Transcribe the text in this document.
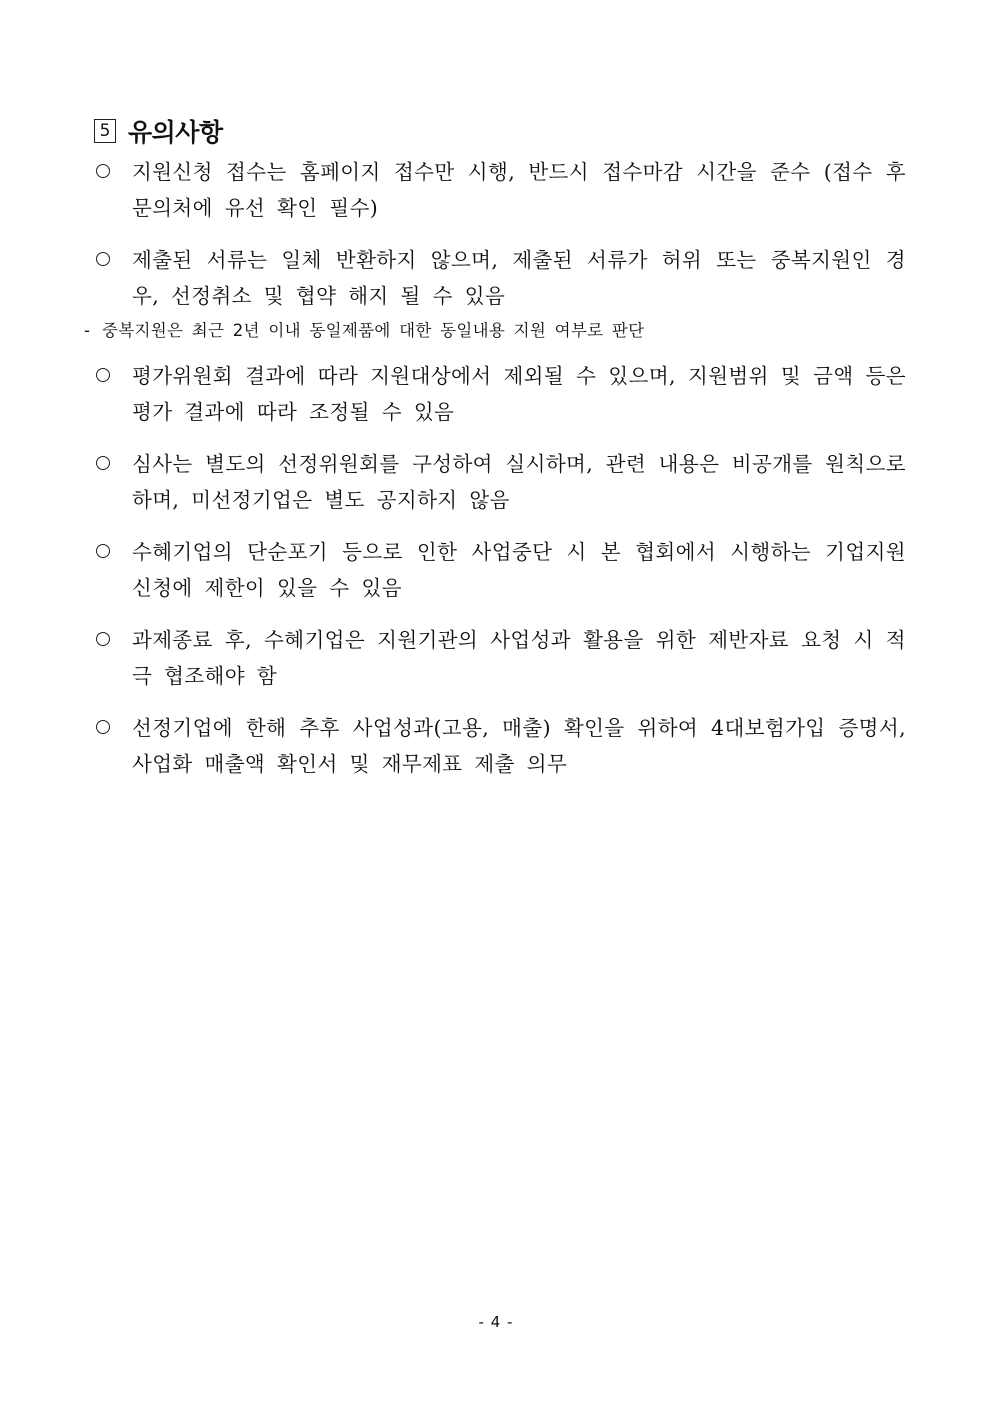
5 유의사항
지원신청 접수는 홈페이지 접수만 시행, 반드시 접수마감 시간을 준수 (접수 후 문의처에 유선 확인 필수)
제출된 서류는 일체 반환하지 않으며, 제출된 서류가 허위 또는 중복지원인 경우, 선정취소 및 협약 해지 될 수 있음
- 중복지원은 최근 2년 이내 동일제품에 대한 동일내용 지원 여부로 판단
평가위원회 결과에 따라 지원대상에서 제외될 수 있으며, 지원범위 및 금액 등은 평가 결과에 따라 조정될 수 있음
심사는 별도의 선정위원회를 구성하여 실시하며, 관련 내용은 비공개를 원칙으로 하며, 미선정기업은 별도 공지하지 않음
수혜기업의 단순포기 등으로 인한 사업중단 시 본 협회에서 시행하는 기업지원 신청에 제한이 있을 수 있음
과제종료 후, 수혜기업은 지원기관의 사업성과 활용을 위한 제반자료 요청 시 적극 협조해야 함
선정기업에 한해 추후 사업성과(고용, 매출) 확인을 위하여 4대보험가입 증명서, 사업화 매출액 확인서 및 재무제표 제출 의무
- 4 -
